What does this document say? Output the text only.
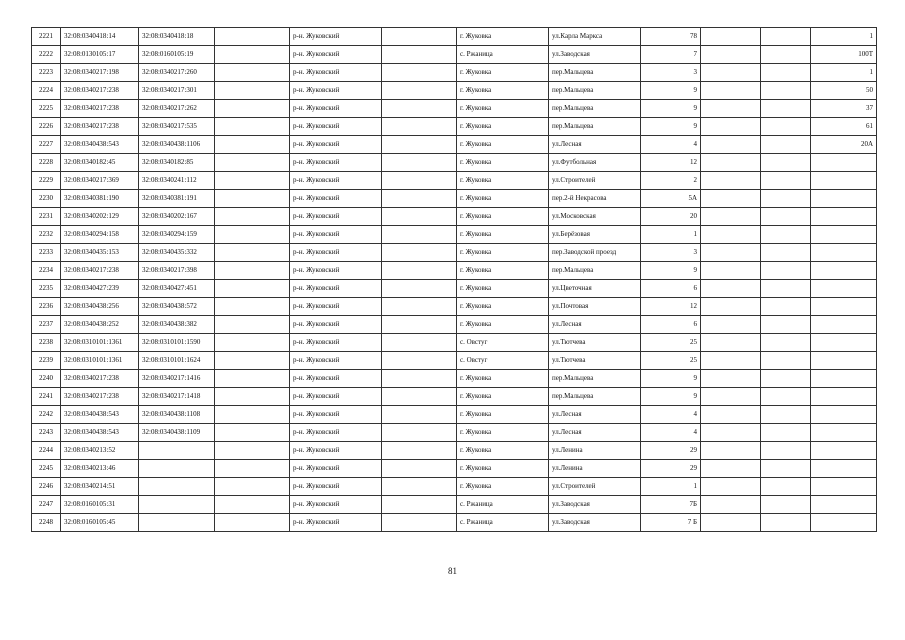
2221	32:08:0340418:14	32:08:0340418:18		р-н. Жуковский		г. Жуковка	ул.Карла Маркса	78			1
2222	32:08:0130105:17	32:08:0160105:19		р-н. Жуковский		с. Ржаница	ул.Заводская	7			100Т
2223	32:08:0340217:198	32:08:0340217:260		р-н. Жуковский		г. Жуковка	пер.Мальцева	3			1
2224	32:08:0340217:238	32:08:0340217:301		р-н. Жуковский		г. Жуковка	пер.Мальцева	9			50
2225	32:08:0340217:238	32:08:0340217:262		р-н. Жуковский		г. Жуковка	пер.Мальцева	9			37
2226	32:08:0340217:238	32:08:0340217:535		р-н. Жуковский		г. Жуковка	пер.Мальцева	9			61
2227	32:08:0340438:543	32:08:0340438:1106		р-н. Жуковский		г. Жуковка	ул.Лесная	4			20А
2228	32:08:0340182:45	32:08:0340182:85		р-н. Жуковский		г. Жуковка	ул.Футбольная	12			
2229	32:08:0340217:369	32:08:0340241:112		р-н. Жуковский		г. Жуковка	ул.Строителей	2			
2230	32:08:0340381:190	32:08:0340381:191		р-н. Жуковский		г. Жуковка	пер.2-й Некрасова	5А			
2231	32:08:0340202:129	32:08:0340202:167		р-н. Жуковский		г. Жуковка	ул.Московская	20			
2232	32:08:0340294:158	32:08:0340294:159		р-н. Жуковский		г. Жуковка	ул.Берёзовая	1			
2233	32:08:0340435:153	32:08:0340435:332		р-н. Жуковский		г. Жуковка	пер.Заводской проезд	3			
2234	32:08:0340217:238	32:08:0340217:398		р-н. Жуковский		г. Жуковка	пер.Мальцева	9			
2235	32:08:0340427:239	32:08:0340427:451		р-н. Жуковский		г. Жуковка	ул.Цветочная	6			
2236	32:08:0340438:256	32:08:0340438:572		р-н. Жуковский		г. Жуковка	ул.Почтовая	12			
2237	32:08:0340438:252	32:08:0340438:382		р-н. Жуковский		г. Жуковка	ул.Лесная	6			
2238	32:08:0310101:1361	32:08:0310101:1590		р-н. Жуковский		с. Овстуг	ул.Тютчева	25			
2239	32:08:0310101:1361	32:08:0310101:1624		р-н. Жуковский		с. Овстуг	ул.Тютчева	25			
2240	32:08:0340217:238	32:08:0340217:1416		р-н. Жуковский		г. Жуковка	пер.Мальцева	9			
2241	32:08:0340217:238	32:08:0340217:1418		р-н. Жуковский		г. Жуковка	пер.Мальцева	9			
2242	32:08:0340438:543	32:08:0340438:1108		р-н. Жуковский		г. Жуковка	ул.Лесная	4			
2243	32:08:0340438:543	32:08:0340438:1109		р-н. Жуковский		г. Жуковка	ул.Лесная	4			
2244	32:08:0340213:52			р-н. Жуковский		г. Жуковка	ул.Ленина	29			
2245	32:08:0340213:46			р-н. Жуковский		г. Жуковка	ул.Ленина	29			
2246	32:08:0340214:51			р-н. Жуковский		г. Жуковка	ул.Строителей	1			
2247	32:08:0160105:31			р-н. Жуковский		с. Ржаница	ул.Заводская	7Б			
2248	32:08:0160105:45			р-н. Жуковский		с. Ржаница	ул.Заводская	7 Б			
81
